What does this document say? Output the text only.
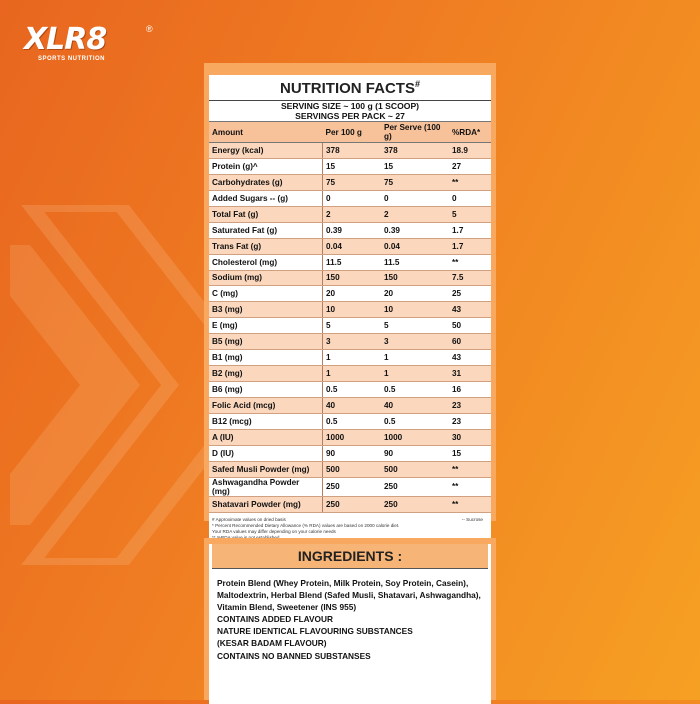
XLR8
SPORTS NUTRITION
®
NUTRITION FACTS#
SERVING SIZE ~ 100 g (1 SCOOP)
SERVINGS PER PACK ~ 27
Amount	Per 100 g	Per Serve (100 g)	%RDA*
Energy (kcal)	378	378	18.9
Protein (g)^	15	15	27
Carbohydrates (g)	75	75	**
Added Sugars -- (g)	0	0	0
Total Fat (g)	2	2	5
Saturated Fat (g)	0.39	0.39	1.7
Trans Fat (g)	0.04	0.04	1.7
Cholesterol (mg)	11.5	11.5	**
Sodium (mg)	150	150	7.5
C (mg)	20	20	25
B3 (mg)	10	10	43
E (mg)	5	5	50
B5 (mg)	3	3	60
B1 (mg)	1	1	43
B2 (mg)	1	1	31
B6 (mg)	0.5	0.5	16
Folic Acid (mcg)	40	40	23
B12 (mcg)	0.5	0.5	23
A (IU)	1000	1000	30
D (IU)	90	90	15
Safed Musli Powder (mg)	500	500	**
Ashwagandha Powder (mg)	250	250	**
Shatavari Powder (mg)	250	250	**
-- Sucrose
# Approximate values on dried basis
* Percent Recommended Dietary Allowance (% RDA) values are based on 2000 calorie diet.
Your RDA values may differ depending on your calorie needs
INGREDIENTS :
Protein Blend (Whey Protein, Milk Protein, Soy Protein, Casein),
Maltodextrin, Herbal Blend (Safed Musli, Shatavari, Ashwagandha),
Vitamin Blend, Sweetener (INS 955)
CONTAINS ADDED FLAVOUR
NATURE IDENTICAL FLAVOURING SUBSTANCES
(KESAR BADAM FLAVOUR)
CONTAINS NO BANNED SUBSTANSES
